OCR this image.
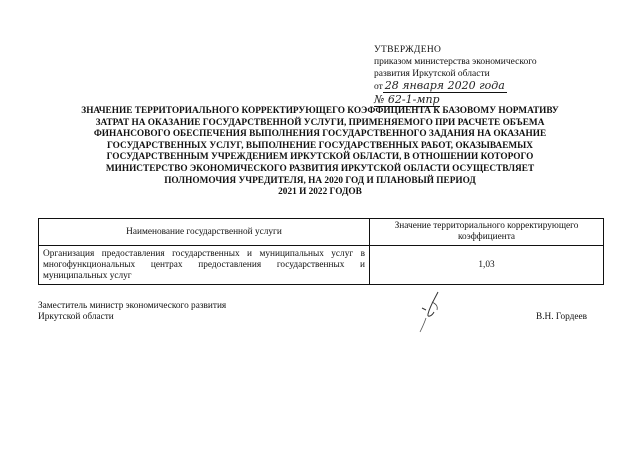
УТВЕРЖДЕНО
приказом министерства экономического
развития Иркутской области
от 28 января 2020 года
№ 62-1-мпр
ЗНАЧЕНИЕ ТЕРРИТОРИАЛЬНОГО КОРРЕКТИРУЮЩЕГО КОЭФФИЦИЕНТА К БАЗОВОМУ НОРМАТИВУ
ЗАТРАТ НА ОКАЗАНИЕ ГОСУДАРСТВЕННОЙ УСЛУГИ, ПРИМЕНЯЕМОГО ПРИ РАСЧЕТЕ ОБЪЕМА
ФИНАНСОВОГО ОБЕСПЕЧЕНИЯ ВЫПОЛНЕНИЯ ГОСУДАРСТВЕННОГО ЗАДАНИЯ НА ОКАЗАНИЕ
ГОСУДАРСТВЕННЫХ УСЛУГ, ВЫПОЛНЕНИЕ ГОСУДАРСТВЕННЫХ РАБОТ, ОКАЗЫВАЕМЫХ
ГОСУДАРСТВЕННЫМ УЧРЕЖДЕНИЕМ ИРКУТСКОЙ ОБЛАСТИ, В ОТНОШЕНИИ КОТОРОГО
МИНИСТЕРСТВО ЭКОНОМИЧЕСКОГО РАЗВИТИЯ ИРКУТСКОЙ ОБЛАСТИ ОСУЩЕСТВЛЯЕТ
ПОЛНОМОЧИЯ УЧРЕДИТЕЛЯ, НА 2020 ГОД И ПЛАНОВЫЙ ПЕРИОД
2021 И 2022 ГОДОВ
Наименование государственной услуги	Значение территориального корректирующего коэффициента
Организация предоставления государственных и муниципальных услуг в многофункциональных центрах предоставления государственных и муниципальных услуг	1,03
Заместитель министр экономического развития
Иркутской области	В.Н. Гордеев
